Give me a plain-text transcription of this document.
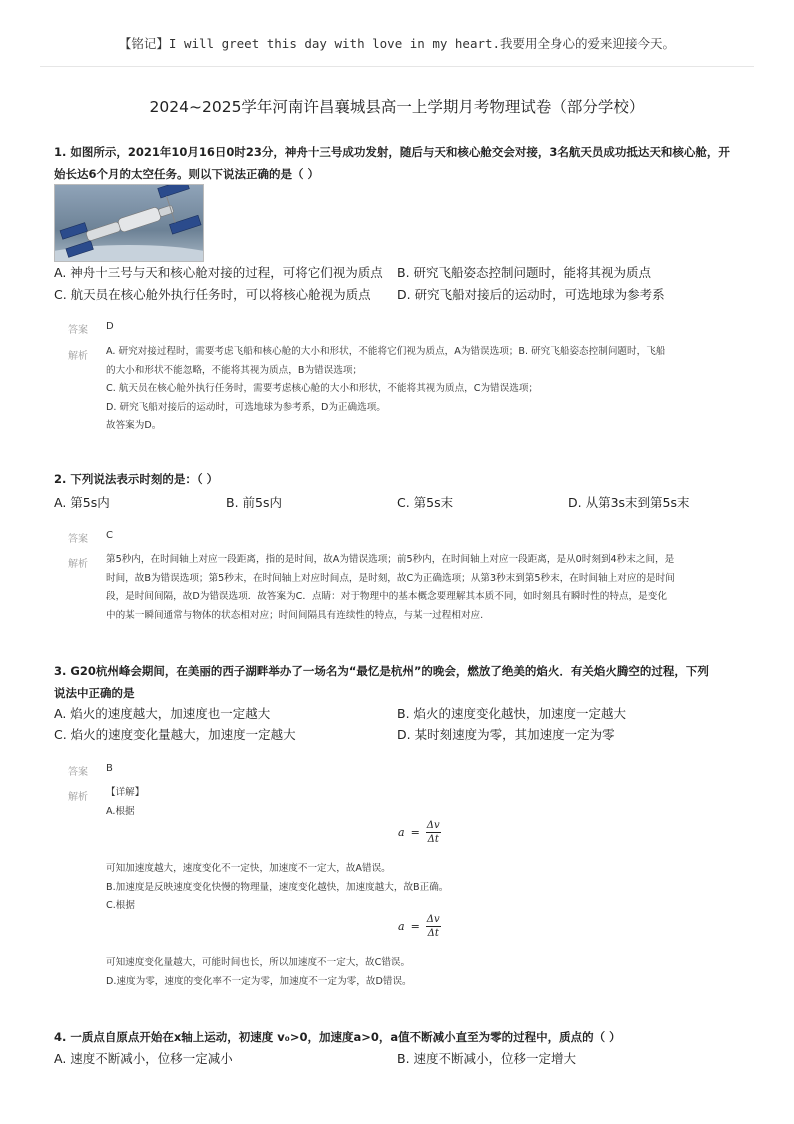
【铭记】I will greet this day with love in my heart.我要用全身心的爱来迎接今天。
2024~2025学年河南许昌襄城县高一上学期月考物理试卷（部分学校）
1. 如图所示，2021年10月16日0时23分，神舟十三号成功发射，随后与天和核心舱交会对接，3名航天员成功抵达天和核心舱，开
始长达6个月的太空任务。则以下说法正确的是（ ）
A. 神舟十三号与天和核心舱对接的过程，可将它们视为质点 B. 研究飞船姿态控制问题时，能将其视为质点
C. 航天员在核心舱外执行任务时，可以将核心舱视为质点 D. 研究飞船对接后的运动时，可选地球为参考系
答案 D
解析 A. 研究对接过程时，需要考虑飞船和核心舱的大小和形状，不能将它们视为质点，A为错误选项；B. 研究飞船姿态控制问题时，飞船
的大小和形状不能忽略，不能将其视为质点，B为错误选项；
C. 航天员在核心舱外执行任务时，需要考虑核心舱的大小和形状，不能将其视为质点，C为错误选项；
D. 研究飞船对接后的运动时，可选地球为参考系，D为正确选项。
故答案为D。
2. 下列说法表示时刻的是：（ ）
A. 第5s内	B. 前5s内	C. 第5s末	D. 从第3s末到第5s末
答案 C
解析 第5秒内，在时间轴上对应一段距离，指的是时间，故A为错误选项；前5秒内，在时间轴上对应一段距离，是从0时刻到4秒末之间，是
时间，故B为错误选项；第5秒末，在时间轴上对应时间点，是时刻，故C为正确选项；从第3秒末到第5秒末，在时间轴上对应的是时间
段，是时间间隔，故D为错误选项．故答案为C．点睛：对于物理中的基本概念要理解其本质不同，如时刻具有瞬时性的特点，是变化
中的某一瞬间通常与物体的状态相对应；时间间隔具有连续性的特点，与某一过程相对应.
3. G20杭州峰会期间，在美丽的西子湖畔举办了一场名为“最忆是杭州”的晚会，燃放了绝美的焰火．有关焰火腾空的过程，下列
说法中正确的是
A. 焰火的速度越大，加速度也一定越大	B. 焰火的速度变化越快，加速度一定越大
C. 焰火的速度变化量越大，加速度一定越大	D. 某时刻速度为零，其加速度一定为零
答案 B
解析 【详解】
A.根据
$a = \frac{\Delta v}{\Delta t}$
可知加速度越大，速度变化不一定快，加速度不一定大，故A错误。
B.加速度是反映速度变化快慢的物理量，速度变化越快，加速度越大，故B正确。
C.根据
$a = \frac{\Delta v}{\Delta t}$
可知速度变化量越大，可能时间也长，所以加速度不一定大，故C错误。
D.速度为零，速度的变化率不一定为零，加速度不一定为零，故D错误。
4. 一质点自原点开始在x轴上运动，初速度 v₀>0，加速度a>0，a值不断减小直至为零的过程中，质点的（ ）
A. 速度不断减小，位移一定减小	B. 速度不断减小，位移一定增大
